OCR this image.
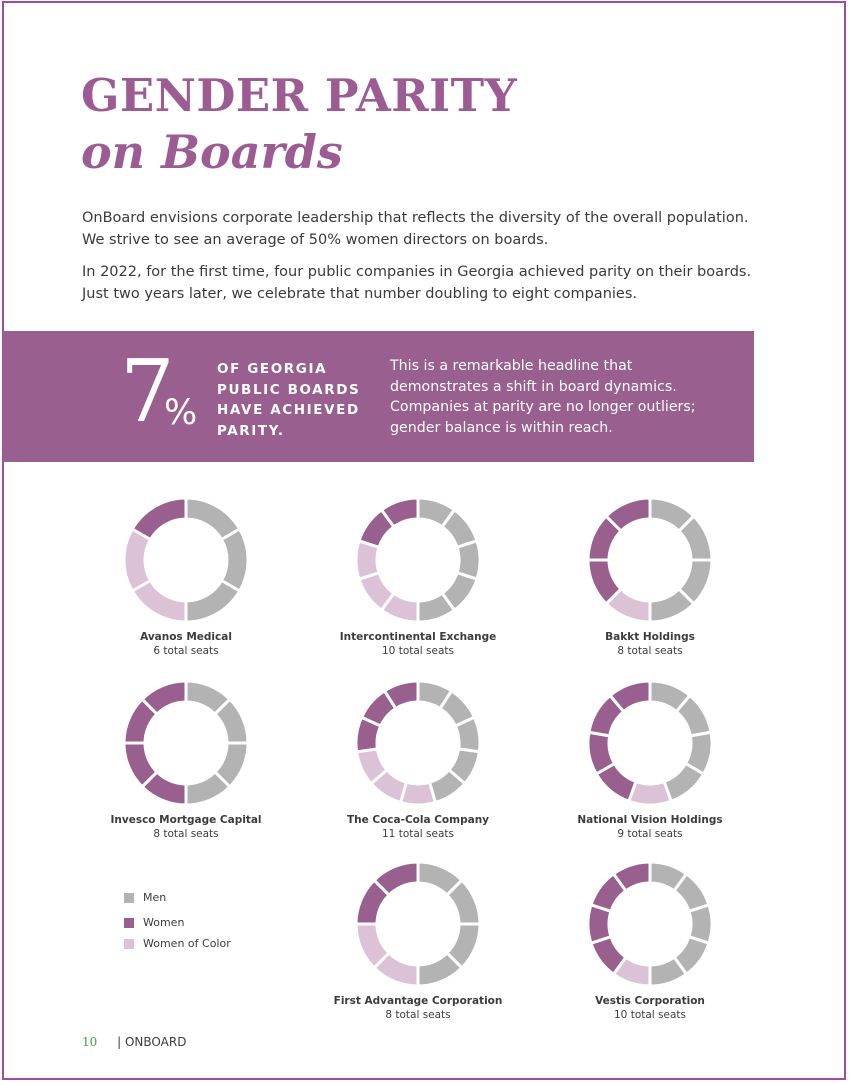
GENDER PARITY
on Boards

OnBoard envisions corporate leadership that reflects the diversity of the overall population. We strive to see an average of 50% women directors on boards.

In 2022, for the first time, four public companies in Georgia achieved parity on their boards. Just two years later, we celebrate that number doubling to eight companies.

7
%

OF GEORGIA PUBLIC BOARDS HAVE ACHIEVED PARITY.

This is a remarkable headline that demonstrates a shift in board dynamics. Companies at parity are no longer outliers; gender balance is within reach.

Avanos Medical
6 total seats
Intercontinental Exchange
10 total seats
Bakkt Holdings
8 total seats
Invesco Mortgage Capital
8 total seats
The Coca-Cola Company
11 total seats
National Vision Holdings
9 total seats
First Advantage Corporation
8 total seats
Vestis Corporation
10 total seats
Men
Women
Women of Color
10 | ONBOARD
